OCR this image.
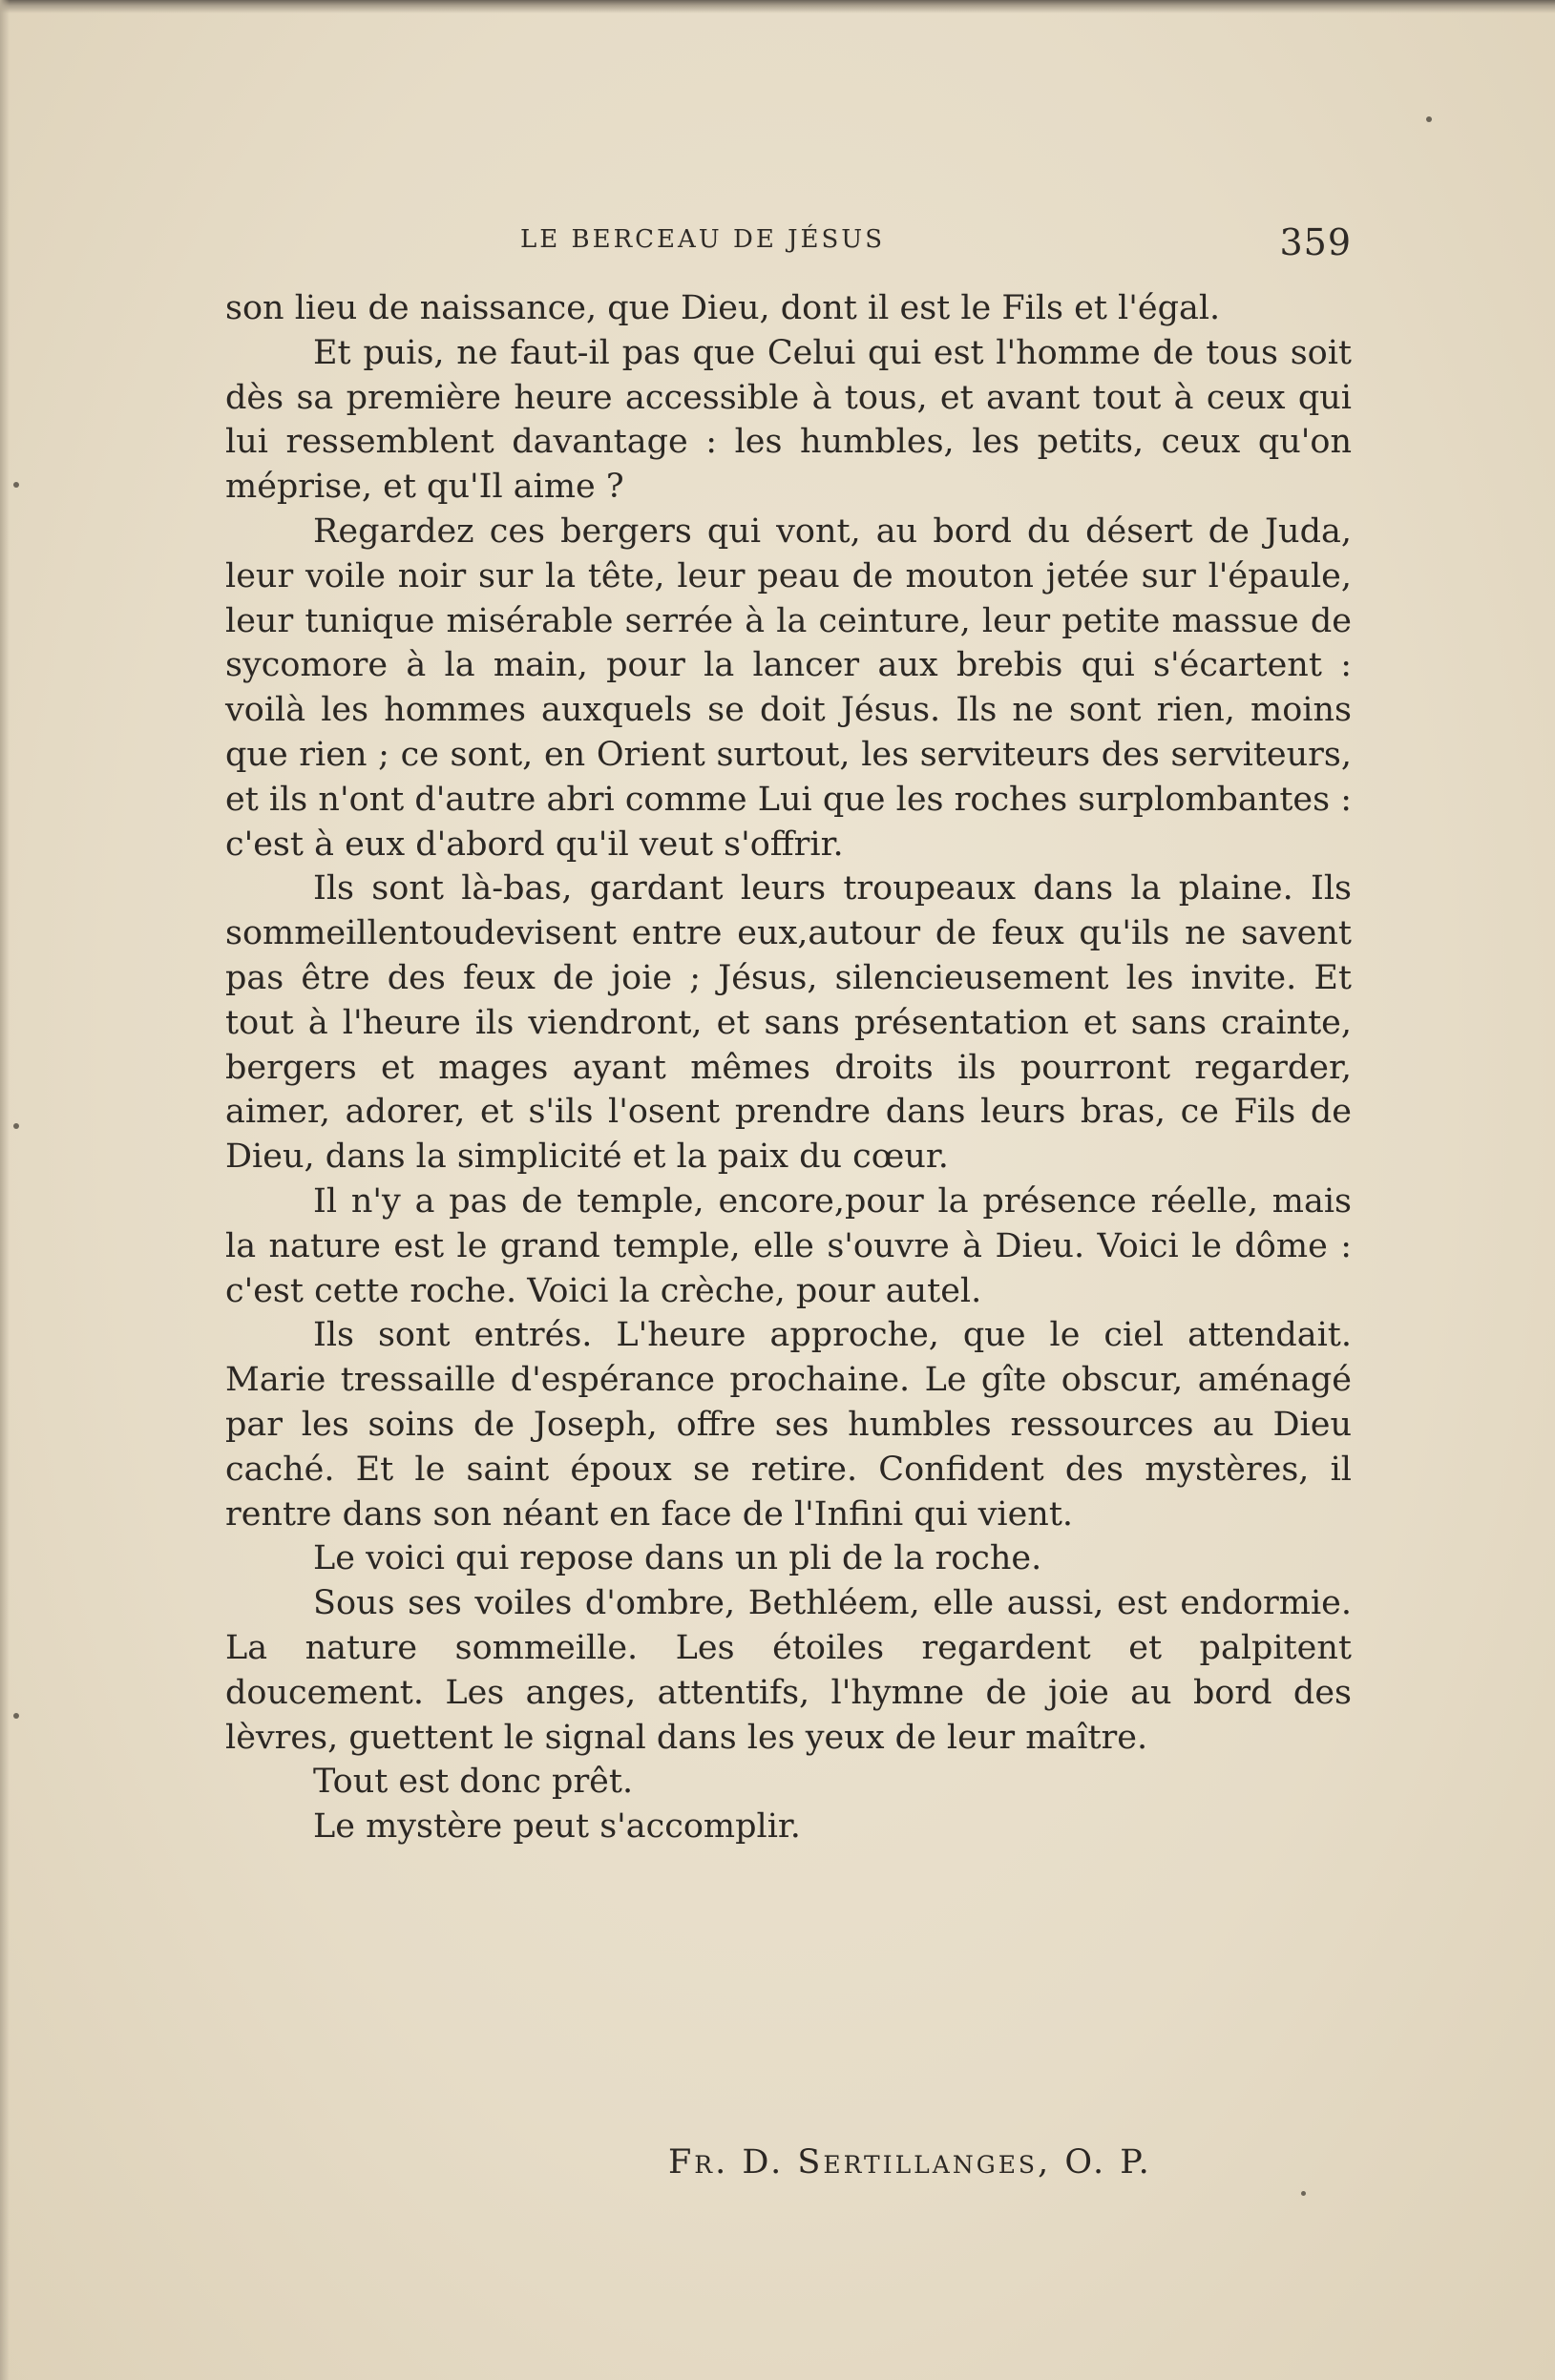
LE BERCEAU DE JÉSUS	359

son lieu de naissance, que Dieu, dont il est le Fils et l'égal.

Et puis, ne faut-il pas que Celui qui est l'homme de tous soit dès sa première heure accessible à tous, et avant tout à ceux qui lui ressemblent davantage : les humbles, les petits, ceux qu'on méprise, et qu'Il aime ?

Regardez ces bergers qui vont, au bord du désert de Juda, leur voile noir sur la tête, leur peau de mouton jetée sur l'épaule, leur tunique misérable serrée à la ceinture, leur petite massue de sycomore à la main, pour la lancer aux brebis qui s'écartent : voilà les hommes auxquels se doit Jésus. Ils ne sont rien, moins que rien ; ce sont, en Orient surtout, les serviteurs des serviteurs, et ils n'ont d'autre abri comme Lui que les roches surplombantes : c'est à eux d'abord qu'il veut s'offrir.

Ils sont là-bas, gardant leurs troupeaux dans la plaine. Ils sommeillentoudevisent entre eux,autour de feux qu'ils ne savent pas être des feux de joie ; Jésus, silencieusement les invite. Et tout à l'heure ils viendront, et sans présentation et sans crainte, bergers et mages ayant mêmes droits ils pourront regarder, aimer, adorer, et s'ils l'osent prendre dans leurs bras, ce Fils de Dieu, dans la simplicité et la paix du cœur.

Il n'y a pas de temple, encore,pour la présence réelle, mais la nature est le grand temple, elle s'ouvre à Dieu. Voici le dôme : c'est cette roche. Voici la crèche, pour autel.

Ils sont entrés. L'heure approche, que le ciel attendait. Marie tressaille d'espérance prochaine. Le gîte obscur, aménagé par les soins de Joseph, offre ses humbles ressources au Dieu caché. Et le saint époux se retire. Confident des mystères, il rentre dans son néant en face de l'Infini qui vient.

Le voici qui repose dans un pli de la roche.

Sous ses voiles d'ombre, Bethléem, elle aussi, est endormie. La nature sommeille. Les étoiles regardent et palpitent doucement. Les anges, attentifs, l'hymne de joie au bord des lèvres, guettent le signal dans les yeux de leur maître.

Tout est donc prêt.

Le mystère peut s'accomplir.

Fr. D. Sertillanges, O. P.
